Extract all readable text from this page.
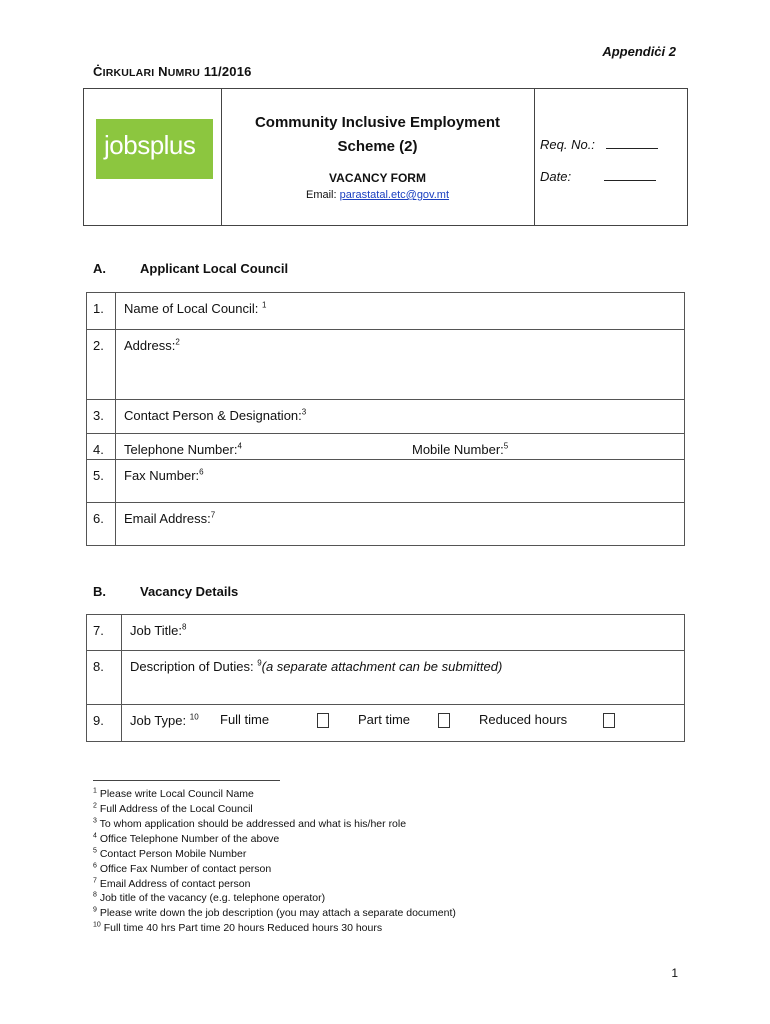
Appendiċi 2
ĊIRKULARI NUMRU 11/2016
jobsplus
Community Inclusive Employment
Scheme (2)
VACANCY FORM
Email: parastatal.etc@gov.mt
Req. No.:
Date:
A.	Applicant Local Council
1.	Name of Local Council: $^1$
2.	Address:$^2$
3.	Contact Person & Designation:$^3$
4.	Telephone Number:$^4$ Mobile Number:$^5$

5.	Fax Number:$^6$
6.	Email Address:$^7$
B.	Vacancy Details
7.	Job Title:$^8$
8.	Description of Duties: $^9$(a separate attachment can be submitted)
9.	Job Type: $^{10}$ Full time Part time Reduced hours
$^1$ Please write Local Council Name
$^2$ Full Address of the Local Council
$^3$ To whom application should be addressed and what is his/her role
$^4$ Office Telephone Number of the above
$^5$ Contact Person Mobile Number
$^6$ Office Fax Number of contact person
$^7$ Email Address of contact person
$^8$ Job title of the vacancy (e.g. telephone operator)
$^9$ Please write down the job description (you may attach a separate document)
$^{10}$ Full time 40 hrs Part time 20 hours Reduced hours 30 hours
1
